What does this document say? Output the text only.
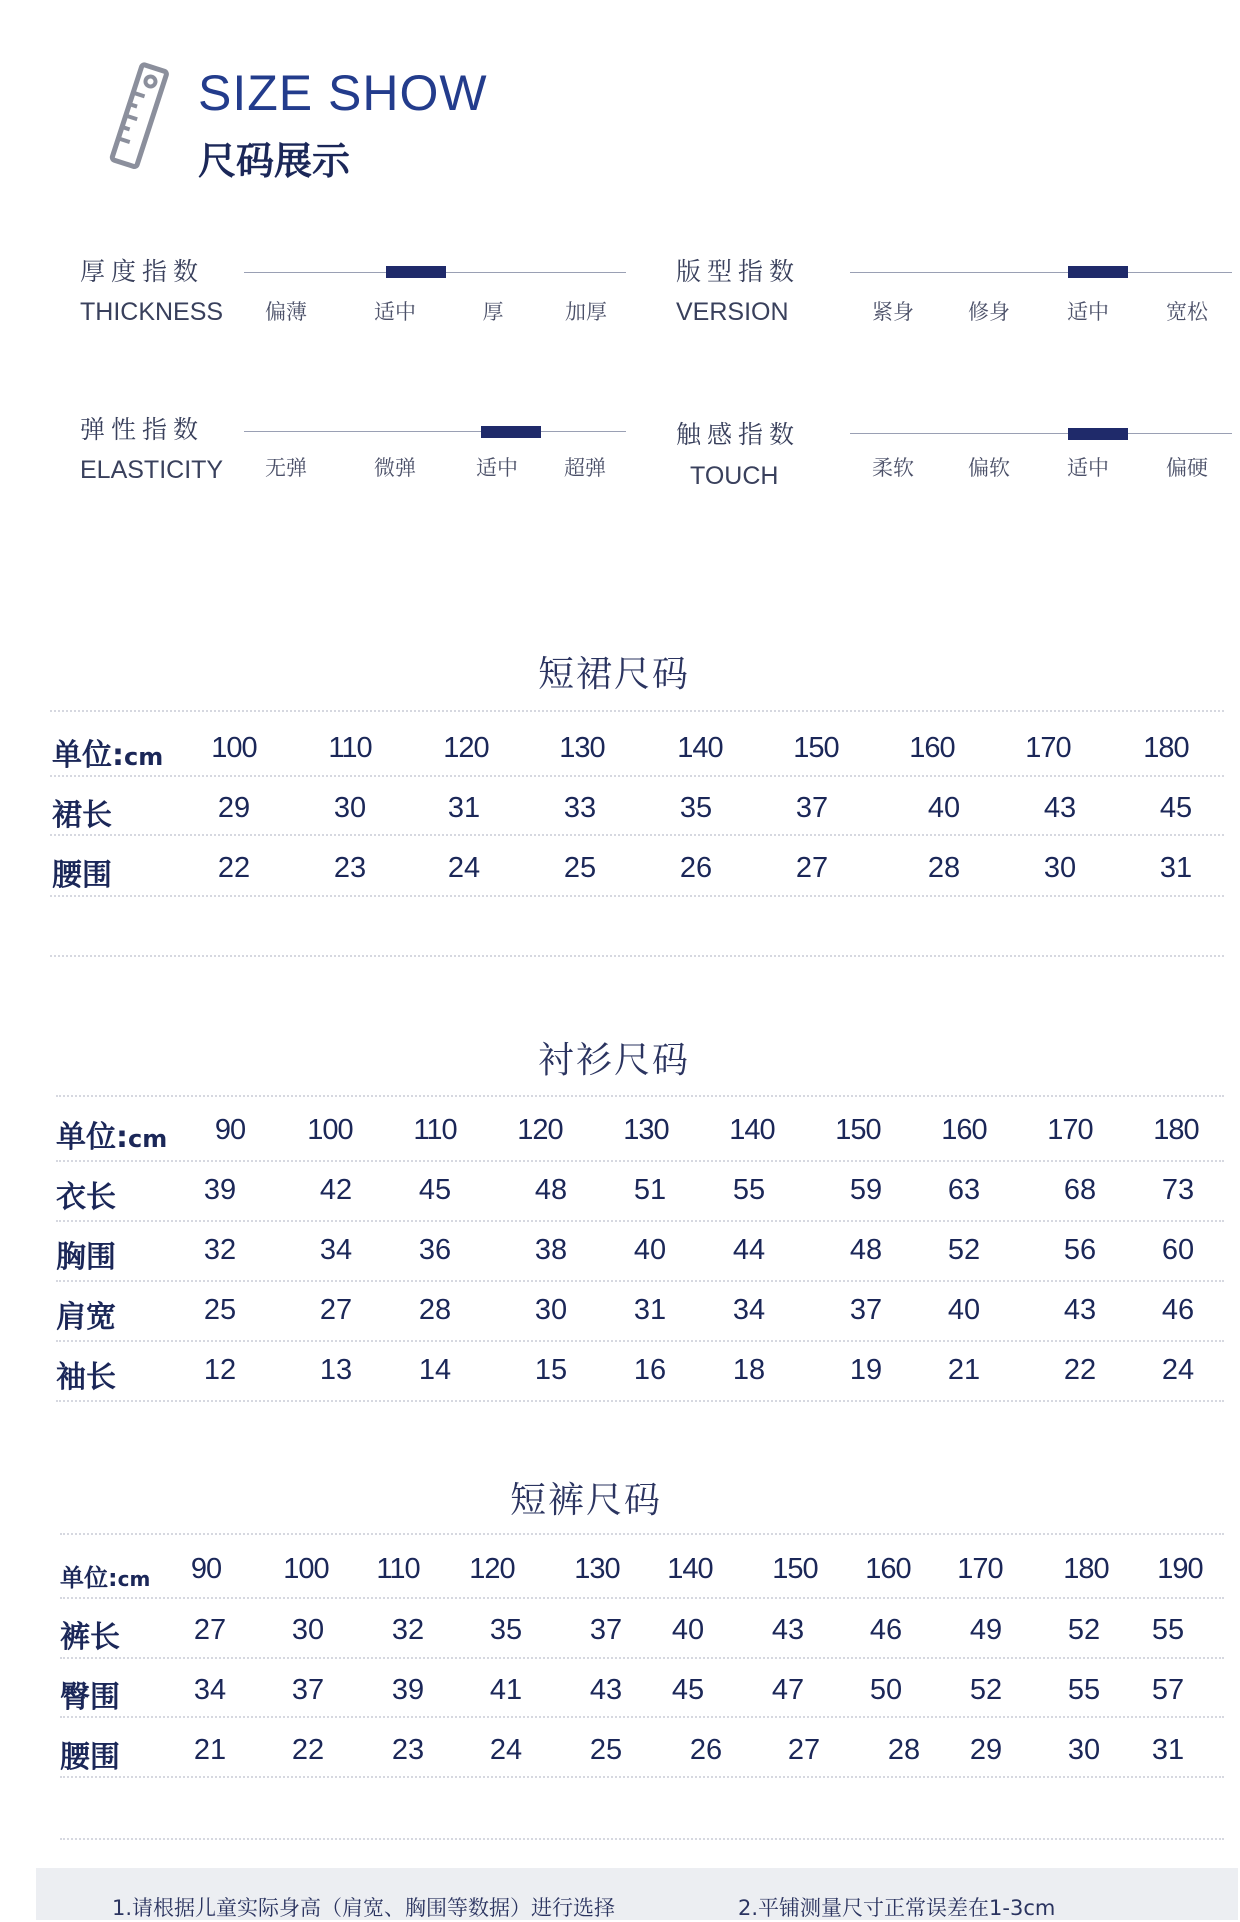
SIZE SHOW
尺码展示
厚度指数
THICKNESS 偏薄	适中	厚	加厚
版型指数
VERSION	紧身	修身	适中	宽松
弹性指数
ELASTICITY 无弹	微弹	适中 超弹
触感指数
TOUCH	柔软	偏软	适中	偏硬
短裙尺码
单位:cm 100 110 120 130	140 150 160 170	180
裙长	29	30	31	33	35	37	40	43	45
腰围	22	23	24	25	26	27	28	30	31
衬衫尺码
单位:cm 90 100 110 120 130 140 150 160 170 180
衣长	39	42 45	48 51 55	59 63	68 73
胸围	32	34 36	38 40 44	48 52	56 60
肩宽	25	27 28	30 31 34	37 40	43 46
袖长	12	13 14	15 16 18	19 21	22 24
短裤尺码
单位:cm 90 100 110 120 130 140 150 160 170 180 190
裤长	27 30 32 35 37 40 43 46 49 52 55
臀围	34 37 39 41 43 45 47 50 52 55 57
腰围	21 22 23 24 25 26 27 28 29 30 31
1.请根据儿童实际身高（肩宽、胸围等数据）进行选择	2.平铺测量尺寸正常误差在1-3cm
